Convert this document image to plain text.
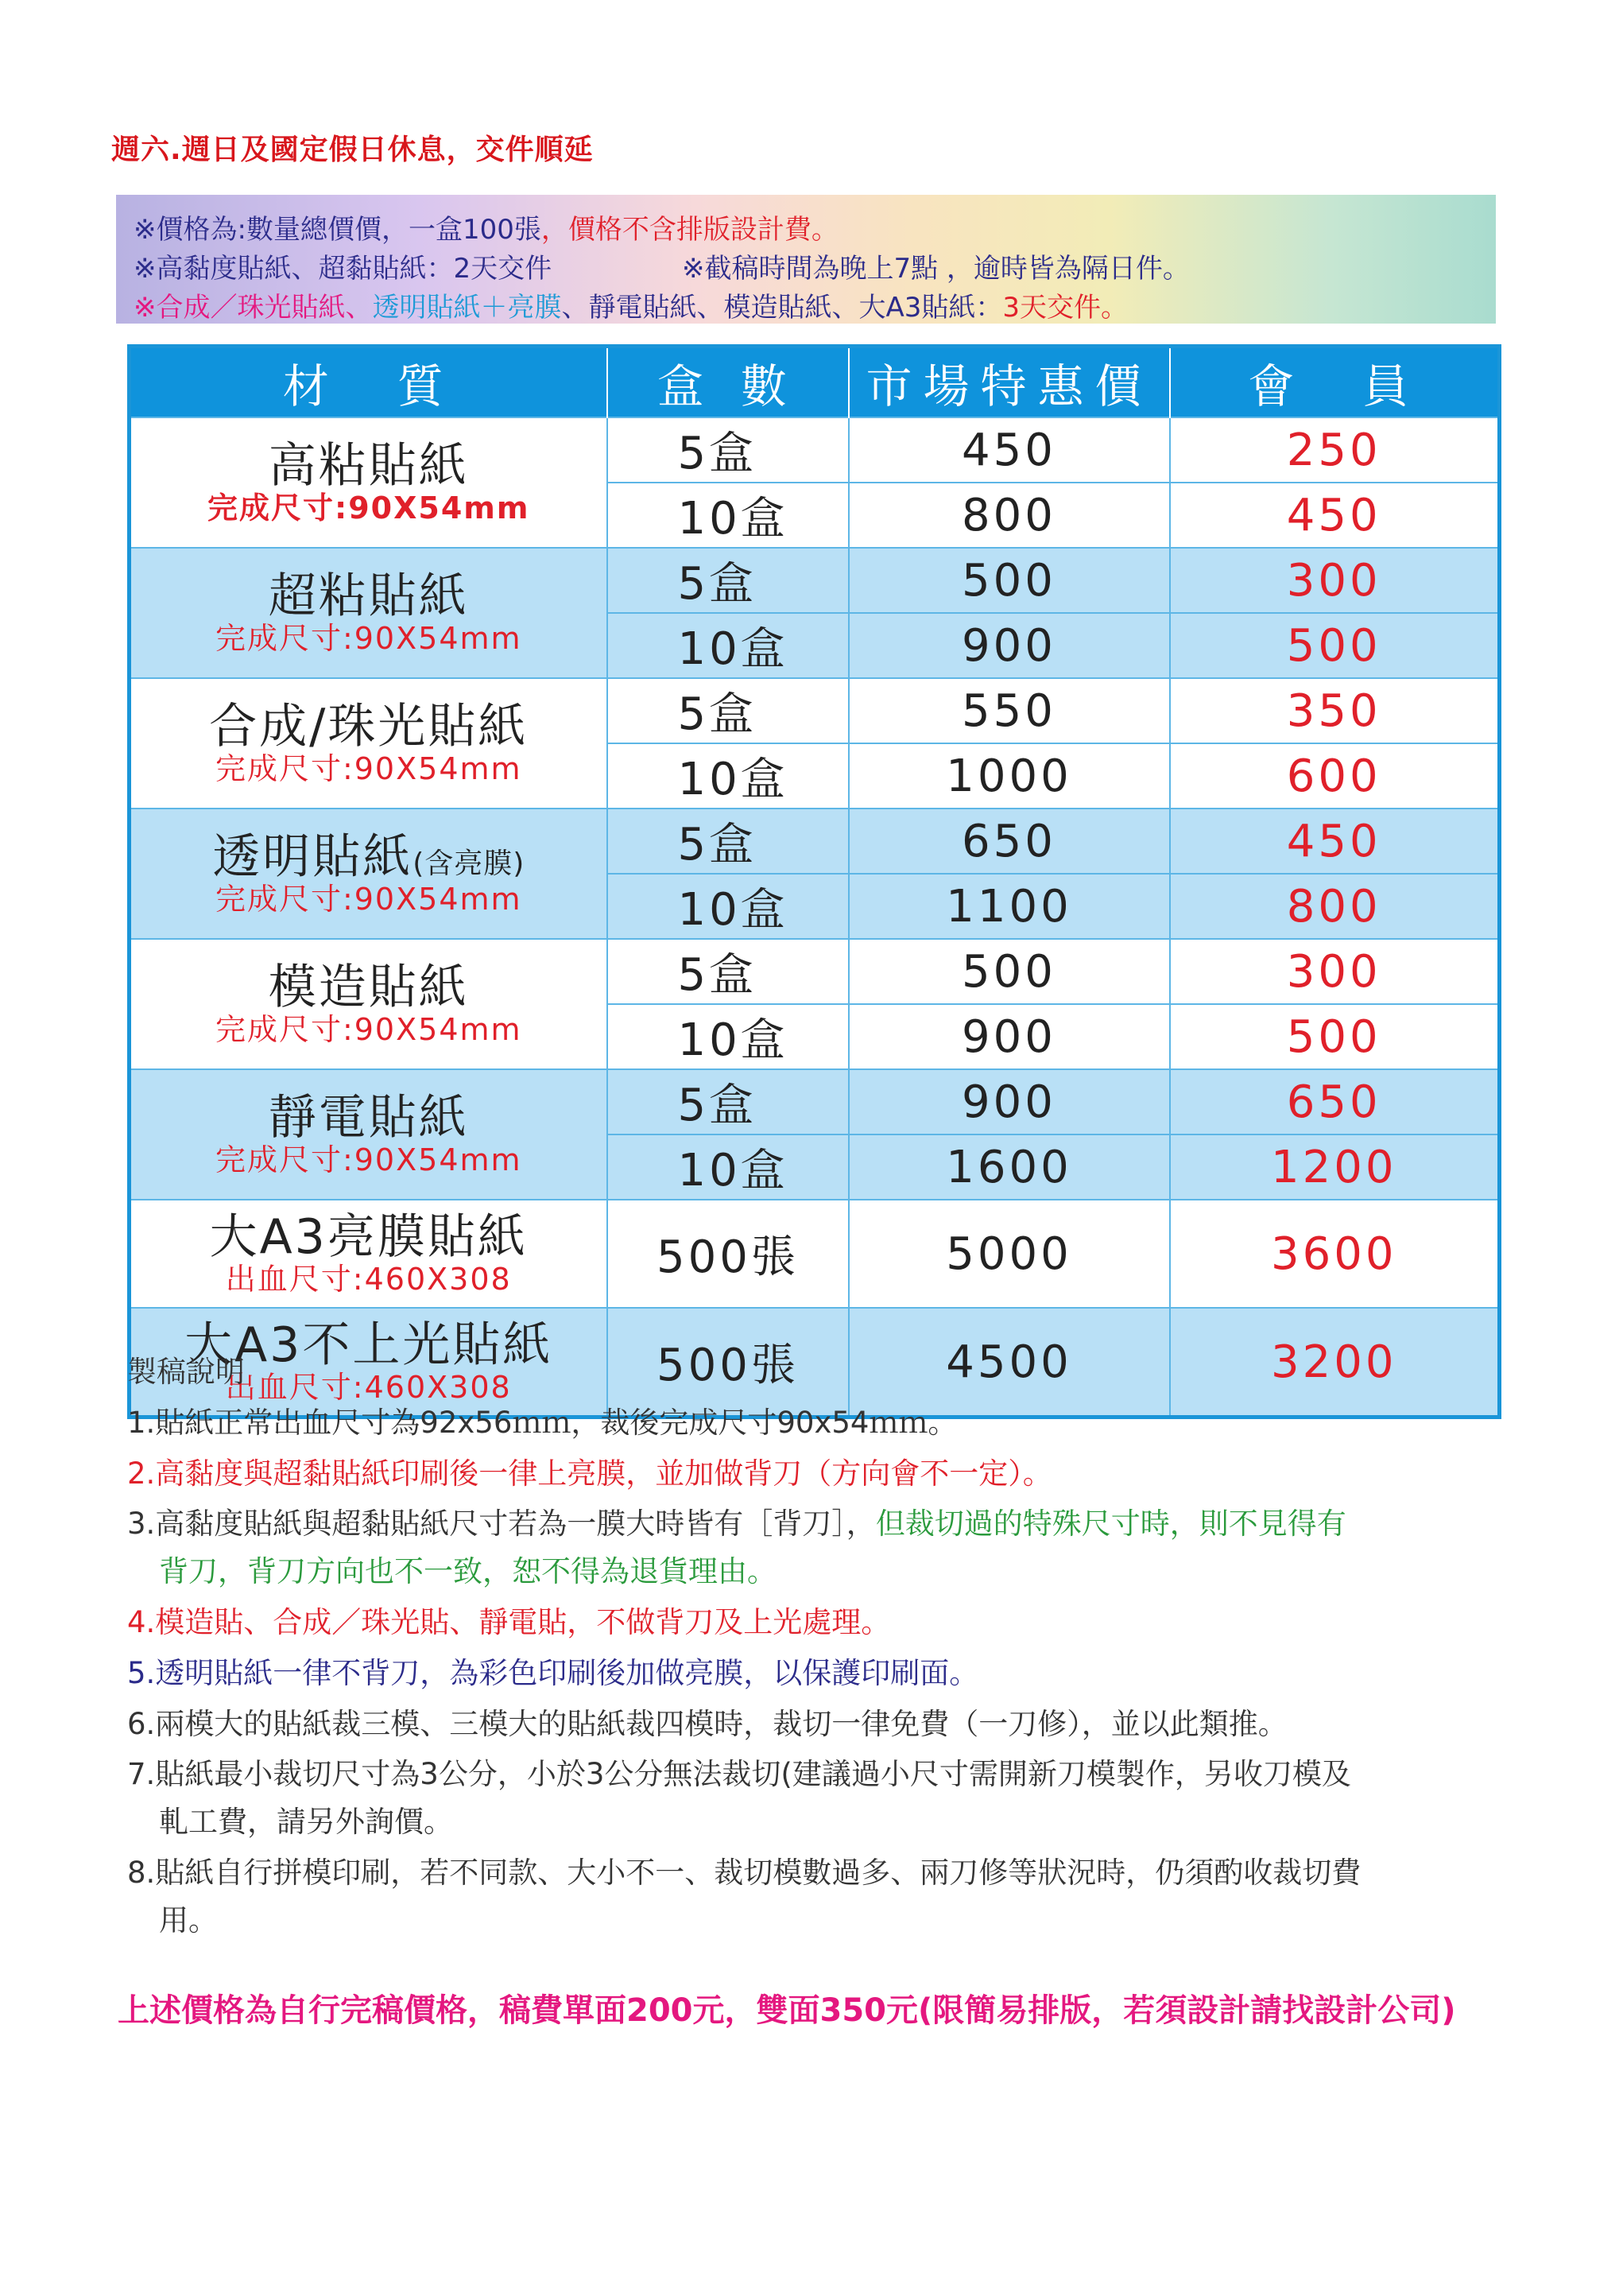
週六.週日及國定假日休息，交件順延
※價格為:數量總價價，一盒100張，價格不含排版設計費。
※高黏度貼紙、超黏貼紙：2天交件	※截稿時間為晚上7點 ，逾時皆為隔日件。
※合成／珠光貼紙、透明貼紙＋亮膜、靜電貼紙、模造貼紙、大A3貼紙：3天交件。
材　質	盒 數	市場特惠價	會　員

高粘貼紙
完成尺寸:90X54mm	5盒	450	250
	10盒	800	450

超粘貼紙
完成尺寸:90X54mm	5盒	500	300
	10盒	900	500

合成/珠光貼紙
完成尺寸:90X54mm	5盒	550	350
	10盒	1000	600

透明貼紙(含亮膜)
完成尺寸:90X54mm	5盒	650	450
	10盒	1100	800

模造貼紙
完成尺寸:90X54mm	5盒	500	300
	10盒	900	500

靜電貼紙
完成尺寸:90X54mm	5盒	900	650
	10盒	1600	1200

大A3亮膜貼紙
出血尺寸:460X308	500張	5000	3600

大A3不上光貼紙
出血尺寸:460X308	500張	4500	3200
製稿說明
1.貼紙正常出血尺寸為92x56ｍｍ，裁後完成尺寸90x54ｍｍ。
2.高黏度與超黏貼紙印刷後一律上亮膜，並加做背刀（方向會不一定）。
3.高黏度貼紙與超黏貼紙尺寸若為一膜大時皆有［背刀］，但裁切過的特殊尺寸時，則不見得有
背刀，背刀方向也不一致，恕不得為退貨理由。
4.模造貼、合成／珠光貼、靜電貼，不做背刀及上光處理。
5.透明貼紙一律不背刀，為彩色印刷後加做亮膜，以保護印刷面。
6.兩模大的貼紙裁三模、三模大的貼紙裁四模時，裁切一律免費（一刀修），並以此類推。
7.貼紙最小裁切尺寸為3公分，小於3公分無法裁切(建議過小尺寸需開新刀模製作，另收刀模及
軋工費，請另外詢價。
8.貼紙自行拼模印刷，若不同款、大小不一、裁切模數過多、兩刀修等狀況時，仍須酌收裁切費
用。
上述價格為自行完稿價格，稿費單面200元，雙面350元(限簡易排版，若須設計請找設計公司)
